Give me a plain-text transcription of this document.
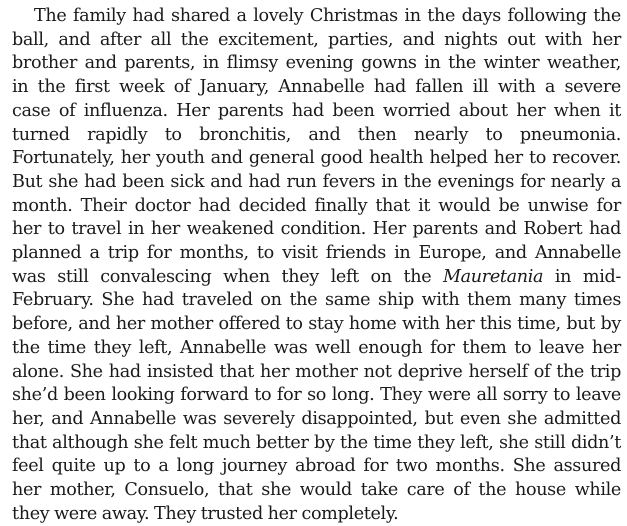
The family had shared a lovely Christmas in the days following the
ball, and after all the excitement, parties, and nights out with her
brother and parents, in flimsy evening gowns in the winter weather,
in the first week of January, Annabelle had fallen ill with a severe
case of influenza. Her parents had been worried about her when it
turned rapidly to bronchitis, and then nearly to pneumonia.
Fortunately, her youth and general good health helped her to recover.
But she had been sick and had run fevers in the evenings for nearly a
month. Their doctor had decided finally that it would be unwise for
her to travel in her weakened condition. Her parents and Robert had
planned a trip for months, to visit friends in Europe, and Annabelle
was still convalescing when they left on the Mauretania in mid-
February. She had traveled on the same ship with them many times
before, and her mother offered to stay home with her this time, but by
the time they left, Annabelle was well enough for them to leave her
alone. She had insisted that her mother not deprive herself of the trip
she’d been looking forward to for so long. They were all sorry to leave
her, and Annabelle was severely disappointed, but even she admitted
that although she felt much better by the time they left, she still didn’t
feel quite up to a long journey abroad for two months. She assured
her mother, Consuelo, that she would take care of the house while
they were away. They trusted her completely.
